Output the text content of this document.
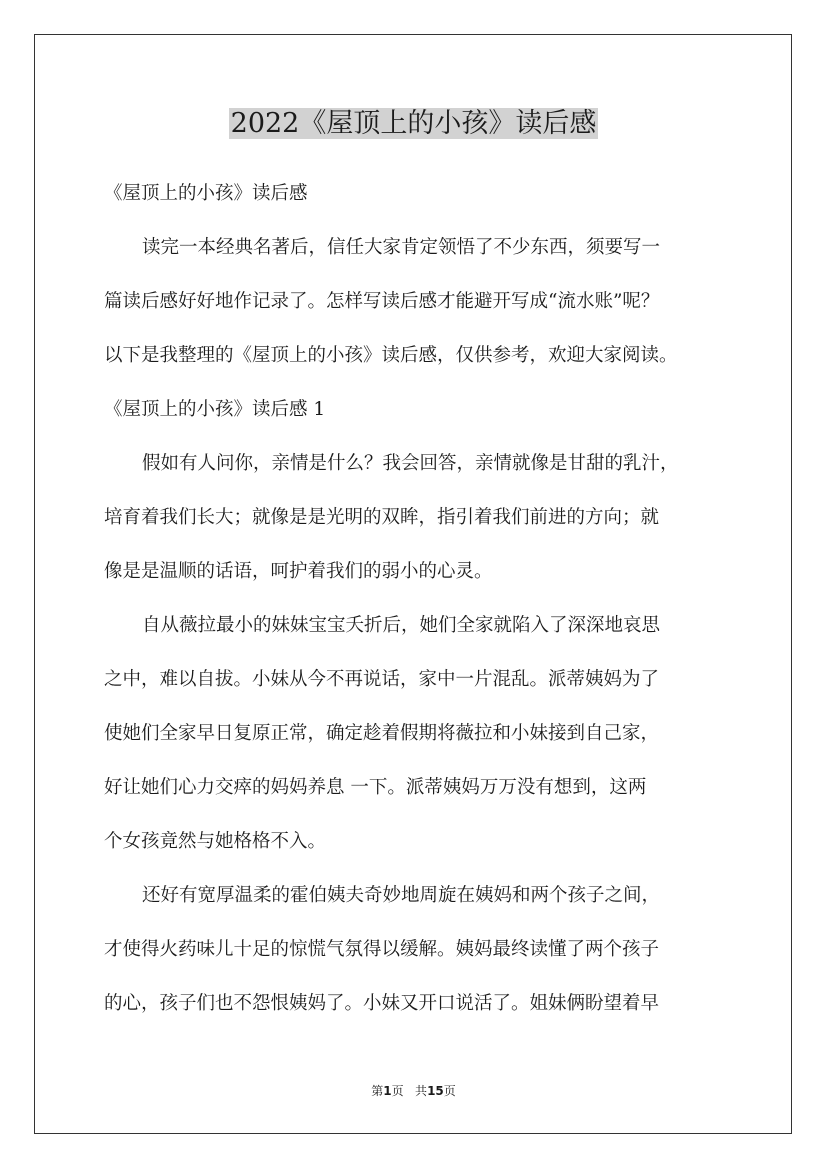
2022《屋顶上的小孩》读后感
《屋顶上的小孩》读后感
读完一本经典名著后，信任大家肯定领悟了不少东西，须要写一
篇读后感好好地作记录了。怎样写读后感才能避开写成“流水账”呢？
以下是我整理的《屋顶上的小孩》读后感，仅供参考，欢迎大家阅读。
《屋顶上的小孩》读后感 1
假如有人问你，亲情是什么？我会回答，亲情就像是甘甜的乳汁，
培育着我们长大；就像是是光明的双眸，指引着我们前进的方向；就
像是是温顺的话语，呵护着我们的弱小的心灵。
自从薇拉最小的妹妹宝宝夭折后，她们全家就陷入了深深地哀思
之中，难以自拔。小妹从今不再说话，家中一片混乱。派蒂姨妈为了
使她们全家早日复原正常，确定趁着假期将薇拉和小妹接到自己家，
好让她们心力交瘁的妈妈养息 一下。派蒂姨妈万万没有想到，这两
个女孩竟然与她格格不入。
还好有宽厚温柔的霍伯姨夫奇妙地周旋在姨妈和两个孩子之间，
才使得火药味儿十足的惊慌气氛得以缓解。姨妈最终读懂了两个孩子
的心，孩子们也不怨恨姨妈了。小妹又开口说活了。姐妹俩盼望着早
第1页 共15页
